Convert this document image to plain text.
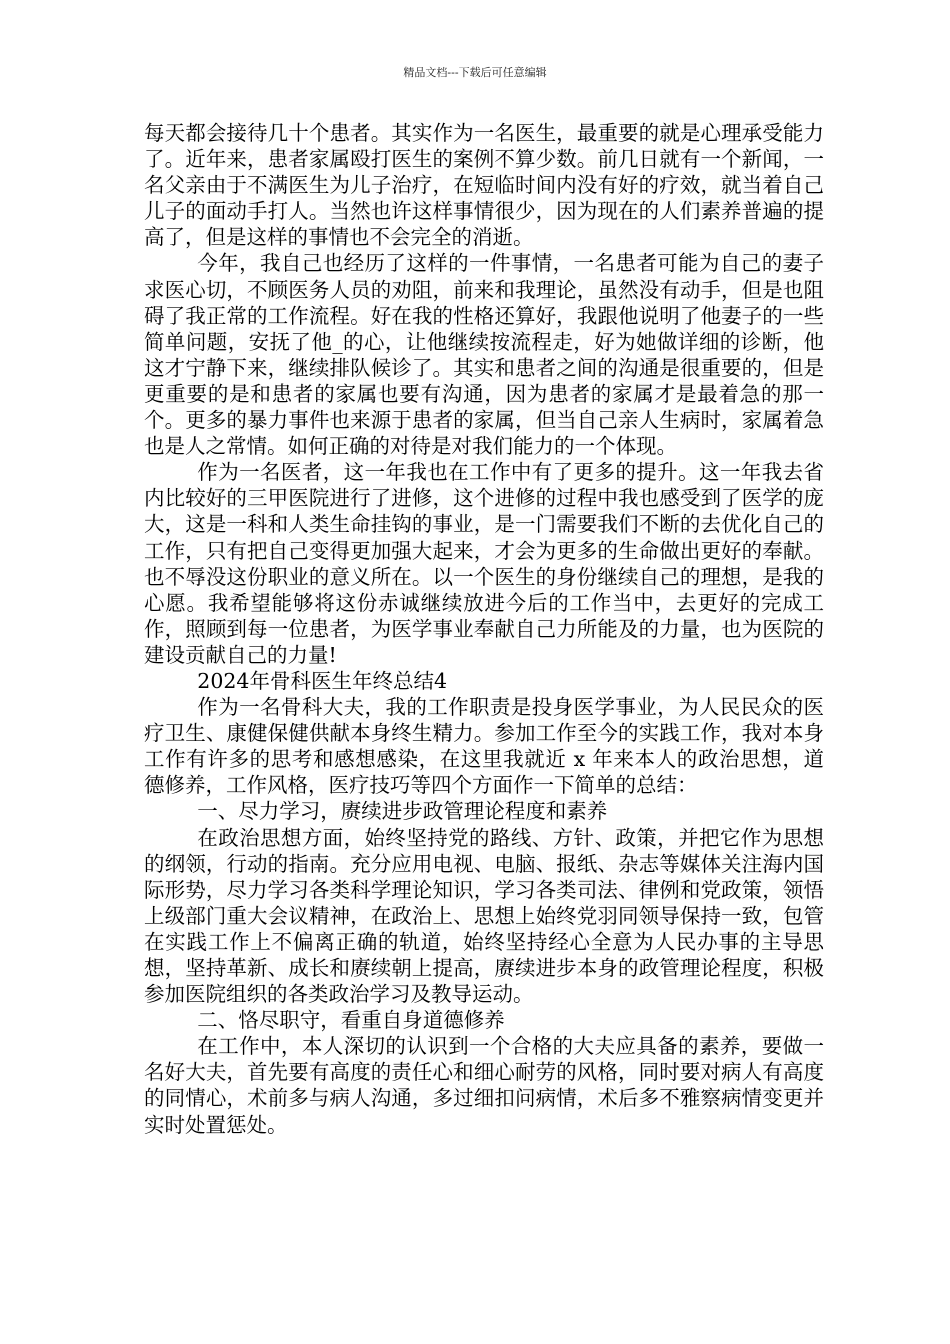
精品文档---下载后可任意编辑

每天都会接待几十个患者。其实作为一名医生，最重要的就是心理承受能力了。近年来，患者家属殴打医生的案例不算少数。前几日就有一个新闻，一名父亲由于不满医生为儿子治疗，在短临时间内没有好的疗效，就当着自己儿子的面动手打人。当然也许这样事情很少，因为现在的人们素养普遍的提高了，但是这样的事情也不会完全的消逝。

今年，我自己也经历了这样的一件事情，一名患者可能为自己的妻子求医心切，不顾医务人员的劝阻，前来和我理论，虽然没有动手，但是也阻碍了我正常的工作流程。好在我的性格还算好，我跟他说明了他妻子的一些简单问题，安抚了他_的心，让他继续按流程走，好为她做详细的诊断，他这才宁静下来，继续排队候诊了。其实和患者之间的沟通是很重要的，但是更重要的是和患者的家属也要有沟通，因为患者的家属才是最着急的那一个。更多的暴力事件也来源于患者的家属，但当自己亲人生病时，家属着急也是人之常情。如何正确的对待是对我们能力的一个体现。

作为一名医者，这一年我也在工作中有了更多的提升。这一年我去省内比较好的三甲医院进行了进修，这个进修的过程中我也感受到了医学的庞大，这是一科和人类生命挂钩的事业，是一门需要我们不断的去优化自己的工作，只有把自己变得更加强大起来，才会为更多的生命做出更好的奉献。也不辱没这份职业的意义所在。以一个医生的身份继续自己的理想，是我的心愿。我希望能够将这份赤诚继续放进今后的工作当中，去更好的完成工作，照顾到每一位患者，为医学事业奉献自己力所能及的力量，也为医院的建设贡献自己的力量!

2024年骨科医生年终总结4

作为一名骨科大夫，我的工作职责是投身医学事业，为人民民众的医疗卫生、康健保健供献本身终生精力。参加工作至今的实践工作，我对本身工作有许多的思考和感想感染，在这里我就近 x 年来本人的政治思想，道德修养，工作风格，医疗技巧等四个方面作一下简单的总结：

一、尽力学习，赓续进步政管理论程度和素养

在政治思想方面，始终坚持党的路线、方针、政策，并把它作为思想的纲领，行动的指南。充分应用电视、电脑、报纸、杂志等媒体关注海内国际形势，尽力学习各类科学理论知识，学习各类司法、律例和党政策，领悟上级部门重大会议精神，在政治上、思想上始终党羽同领导保持一致，包管在实践工作上不偏离正确的轨道，始终坚持经心全意为人民办事的主导思想，坚持革新、成长和赓续朝上提高，赓续进步本身的政管理论程度，积极参加医院组织的各类政治学习及教导运动。

二、恪尽职守，看重自身道德修养

在工作中，本人深切的认识到一个合格的大夫应具备的素养，要做一名好大夫，首先要有高度的责任心和细心耐劳的风格，同时要对病人有高度的同情心，术前多与病人沟通，多过细扣问病情，术后多不雅察病情变更并实时处置惩处。
